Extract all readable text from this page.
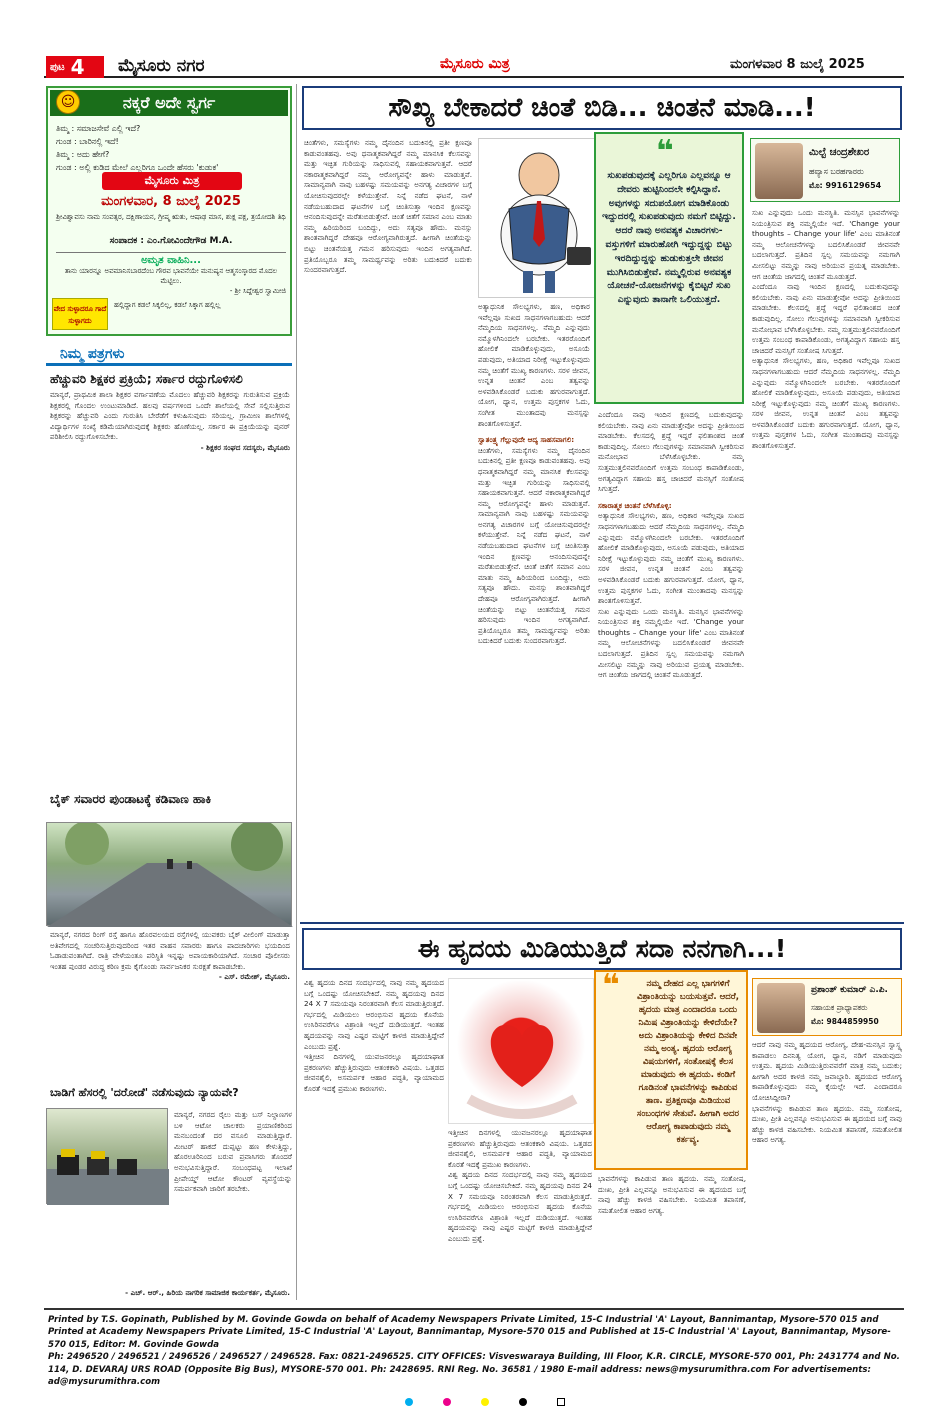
ಪುಟ 4 ಮೈಸೂರು ನಗರ	ಮೈಸೂರು ಮಿತ್ರ	ಮಂಗಳವಾರ 8 ಜುಲೈ 2025
ನಕ್ಕರೆ ಅದೇ ಸ್ವರ್ಗ
☺
ತಿಮ್ಮ : ಸಮಾಜಸೇವೆ ಎಲ್ಲಿ ಇದೆ?
ಗುಂಡ : ಬಾರಿನಲ್ಲಿ ಇದೆ!
ತಿಮ್ಮ : ಅದು ಹೇಗೆ?
ಗುಂಡ : ಅಲ್ಲಿ ಕುಡಿದ ಮೇಲೆ ಎಲ್ಲರಿಗೂ ಒಂದೇ ಹೆಸರು 'ಕುಡುಕ'
ಮೈಸೂರು ಮಿತ್ರ
ಮಂಗಳವಾರ, 8 ಜುಲೈ 2025
ಶ್ರೀವಿಶ್ವಾವಸು ನಾಮ ಸಂವತ್ಸರ, ದಕ್ಷಿಣಾಯನ, ಗ್ರೀಷ್ಮ ಋತು, ಆಷಾಢ ಮಾಸ, ಶುಕ್ಲ ಪಕ್ಷ, ತ್ರಯೋದಶಿ ತಿಥಿ
ಸಂಪಾದಕ : ಎಂ.ಗೋವಿಂದೇಗೌಡ M.A.
ಅಮೃತ ವಾಹಿನಿ...
ತಾನು ಯಾರನ್ನೂ ಅವಮಾನಿಸಬಾರದೆಂಬ ಗೌರವ ಭಾವನೆಯೇ ಮನುಷ್ಯನ ಆತ್ಮಸಂಸ್ಕಾರದ ಮೊದಲ ಮೆಟ್ಟಿಲು.
- ಶ್ರೀ ಸಿದ್ದೇಶ್ವರ ಸ್ವಾಮೀಜಿ
ವೇದ ಸುಳ್ಳಾದರೂ ಗಾದೆ ಸುಳ್ಳಾಗದು
ಹಲ್ಲಿದ್ದಾಗ ಕಡಲೆ ಸಿಕ್ಕಲಿಲ್ಲ, ಕಡಲೆ ಸಿಕ್ಕಾಗ ಹಲ್ಲಿಲ್ಲ
ನಿಮ್ಮ ಪತ್ರಗಳು
ಹೆಚ್ಚುವರಿ ಶಿಕ್ಷಕರ ಪ್ರಕ್ರಿಯೆ; ಸರ್ಕಾರ ರದ್ದುಗೊಳಿಸಲಿ
ಮಾನ್ಯರೆ, ಪ್ರಾಥಮಿಕ ಶಾಲಾ ಶಿಕ್ಷಕರ ವರ್ಗಾವಣೆಯ ಮೊದಲು ಹೆಚ್ಚುವರಿ ಶಿಕ್ಷಕರನ್ನು ಗುರುತಿಸುವ ಪ್ರಕ್ರಿಯೆ ಶಿಕ್ಷಕರಲ್ಲಿ ಗೊಂದಲ ಉಂಟುಮಾಡಿದೆ. ಹಲವು ವರ್ಷಗಳಿಂದ ಒಂದೇ ಶಾಲೆಯಲ್ಲಿ ಸೇವೆ ಸಲ್ಲಿಸುತ್ತಿರುವ ಶಿಕ್ಷಕರನ್ನು ಹೆಚ್ಚುವರಿ ಎಂದು ಗುರುತಿಸಿ ಬೇರೆಡೆಗೆ ಕಳುಹಿಸುವುದು ಸರಿಯಲ್ಲ. ಗ್ರಾಮೀಣ ಶಾಲೆಗಳಲ್ಲಿ ವಿದ್ಯಾರ್ಥಿಗಳ ಸಂಖ್ಯೆ ಕಡಿಮೆಯಾಗಿರುವುದಕ್ಕೆ ಶಿಕ್ಷಕರು ಹೊಣೆಯಲ್ಲ. ಸರ್ಕಾರ ಈ ಪ್ರಕ್ರಿಯೆಯನ್ನು ಪುನರ್ ಪರಿಶೀಲಿಸಿ ರದ್ದುಗೊಳಿಸಬೇಕು.
- ಶಿಕ್ಷಕರ ಸಂಘದ ಸದಸ್ಯರು, ಮೈಸೂರು
ಬೈಕ್ ಸವಾರರ ಪುಂಡಾಟಕ್ಕೆ ಕಡಿವಾಣ ಹಾಕಿ
ಮಾನ್ಯರೆ, ನಗರದ ರಿಂಗ್ ರಸ್ತೆ ಹಾಗೂ ಹೊರವಲಯದ ರಸ್ತೆಗಳಲ್ಲಿ ಯುವಕರು ಬೈಕ್ ವೀಲಿಂಗ್ ಮಾಡುತ್ತಾ ಅತಿವೇಗದಲ್ಲಿ ಸಂಚರಿಸುತ್ತಿರುವುದರಿಂದ ಇತರ ವಾಹನ ಸವಾರರು ಹಾಗೂ ಪಾದಚಾರಿಗಳು ಭಯದಿಂದ ಓಡಾಡುವಂತಾಗಿದೆ. ರಾತ್ರಿ ವೇಳೆಯಂತೂ ಪರಿಸ್ಥಿತಿ ಇನ್ನಷ್ಟು ಅಪಾಯಕಾರಿಯಾಗಿದೆ. ಸಂಚಾರ ಪೊಲೀಸರು ಇಂತಹ ಪುಂಡರ ವಿರುದ್ಧ ಕಠಿಣ ಕ್ರಮ ಕೈಗೊಂಡು ಸಾರ್ವಜನಿಕರ ಸುರಕ್ಷತೆ ಕಾಪಾಡಬೇಕು.
- ಎಸ್. ರಮೇಶ್, ಮೈಸೂರು.
ಬಾಡಿಗೆ ಹೆಸರಲ್ಲಿ 'ದರೋಡೆ' ನಡೆಸುವುದು ನ್ಯಾಯವೇ?
ಮಾನ್ಯರೆ, ನಗರದ ರೈಲು ಮತ್ತು ಬಸ್ ನಿಲ್ದಾಣಗಳ ಬಳಿ ಆಟೋ ಚಾಲಕರು ಪ್ರಯಾಣಿಕರಿಂದ ಮನಬಂದಂತೆ ದರ ವಸೂಲಿ ಮಾಡುತ್ತಿದ್ದಾರೆ. ಮೀಟರ್ ಹಾಕದೆ ದುಪ್ಪಟ್ಟು ಹಣ ಕೇಳುತ್ತಿದ್ದು, ಹೊರಊರಿನಿಂದ ಬರುವ ಪ್ರವಾಸಿಗರು ತೊಂದರೆ ಅನುಭವಿಸುತ್ತಿದ್ದಾರೆ. ಸಂಬಂಧಪಟ್ಟ ಇಲಾಖೆ ಪ್ರೀಪೇಯ್ಡ್ ಆಟೋ ಕೌಂಟರ್ ವ್ಯವಸ್ಥೆಯನ್ನು ಸಮರ್ಪಕವಾಗಿ ಜಾರಿಗೆ ತರಬೇಕು.
- ಎಚ್. ಆರ್., ಹಿರಿಯ ನಾಗರಿಕ ಸಾಮಾಜಿಕ ಕಾರ್ಯಕರ್ತ, ಮೈಸೂರು.
ಸೌಖ್ಯ ಬೇಕಾದರೆ ಚಿಂತೆ ಬಿಡಿ... ಚಿಂತನೆ ಮಾಡಿ...!
ಚಿಂತೆಗಳು, ಸಮಸ್ಯೆಗಳು ನಮ್ಮ ದೈನಂದಿನ ಬದುಕಿನಲ್ಲಿ ಪ್ರತೀ ಕ್ಷಣವೂ ಕಾಡುವಂತಹವು. ಅವು ಧನಾತ್ಮಕವಾಗಿದ್ದರೆ ನಮ್ಮ ಮಾನಸಿಕ ಕೆಲಸವನ್ನು ಮತ್ತು ಇಚ್ಛಿತ ಗುರಿಯನ್ನು ಸಾಧಿಸುವಲ್ಲಿ ಸಹಾಯಕವಾಗುತ್ತವೆ. ಆದರೆ ನಕಾರಾತ್ಮಕವಾಗಿದ್ದರೆ ನಮ್ಮ ಆರೋಗ್ಯವನ್ನೇ ಹಾಳು ಮಾಡುತ್ತವೆ. ಸಾಮಾನ್ಯವಾಗಿ ನಾವು ಬಹಳಷ್ಟು ಸಮಯವನ್ನು ಅನಗತ್ಯ ವಿಚಾರಗಳ ಬಗ್ಗೆ ಯೋಚಿಸುವುದರಲ್ಲೇ ಕಳೆಯುತ್ತೇವೆ. ನಿನ್ನೆ ನಡೆದ ಘಟನೆ, ನಾಳೆ ನಡೆಯಬಹುದಾದ ಘಟನೆಗಳ ಬಗ್ಗೆ ಚಿಂತಿಸುತ್ತಾ ಇಂದಿನ ಕ್ಷಣವನ್ನು ಆನಂದಿಸುವುದನ್ನೇ ಮರೆತುಬಿಡುತ್ತೇವೆ. ಚಿಂತೆ ಚಿತೆಗೆ ಸಮಾನ ಎಂಬ ಮಾತು ನಮ್ಮ ಹಿರಿಯರಿಂದ ಬಂದಿದ್ದು, ಅದು ಸತ್ಯವೂ ಹೌದು. ಮನಸ್ಸು ಶಾಂತವಾಗಿದ್ದರೆ ದೇಹವೂ ಆರೋಗ್ಯವಾಗಿರುತ್ತದೆ. ಹೀಗಾಗಿ ಚಿಂತೆಯನ್ನು ಬಿಟ್ಟು ಚಿಂತನೆಯತ್ತ ಗಮನ ಹರಿಸುವುದು ಇಂದಿನ ಅಗತ್ಯವಾಗಿದೆ. ಪ್ರತಿಯೊಬ್ಬರೂ ತಮ್ಮ ಸಾಮರ್ಥ್ಯವನ್ನು ಅರಿತು ಬದುಕಿದರೆ ಬದುಕು ಸುಂದರವಾಗುತ್ತದೆ.
ಅತ್ಯಾಧುನಿಕ ಸೌಲಭ್ಯಗಳು, ಹಣ, ಅಧಿಕಾರ ಇವೆಲ್ಲವೂ ಸುಖದ ಸಾಧನಗಳಾಗಬಹುದು ಆದರೆ ನೆಮ್ಮದಿಯ ಸಾಧನಗಳಲ್ಲ. ನೆಮ್ಮದಿ ಎನ್ನುವುದು ನಮ್ಮೊಳಗಿನಿಂದಲೇ ಬರಬೇಕು. ಇತರರೊಂದಿಗೆ ಹೋಲಿಕೆ ಮಾಡಿಕೊಳ್ಳುವುದು, ಅಸೂಯೆ ಪಡುವುದು, ಅತಿಯಾದ ನಿರೀಕ್ಷೆ ಇಟ್ಟುಕೊಳ್ಳುವುದು ನಮ್ಮ ಚಿಂತೆಗೆ ಮುಖ್ಯ ಕಾರಣಗಳು. ಸರಳ ಜೀವನ, ಉನ್ನತ ಚಿಂತನೆ ಎಂಬ ತತ್ವವನ್ನು ಅಳವಡಿಸಿಕೊಂಡರೆ ಬದುಕು ಹಗುರವಾಗುತ್ತದೆ. ಯೋಗ, ಧ್ಯಾನ, ಉತ್ತಮ ಪುಸ್ತಕಗಳ ಓದು, ಸಂಗೀತ ಮುಂತಾದವು ಮನಸ್ಸನ್ನು ಶಾಂತಗೊಳಿಸುತ್ತವೆ.
ಸ್ವಾತಂತ್ರ್ಯ ಗೆಲ್ಲುವುದೇ ಆದ್ಯ ಸಾಹಸವಾಗಲಿ:
ಚಿಂತೆಗಳು, ಸಮಸ್ಯೆಗಳು ನಮ್ಮ ದೈನಂದಿನ ಬದುಕಿನಲ್ಲಿ ಪ್ರತೀ ಕ್ಷಣವೂ ಕಾಡುವಂತಹವು. ಅವು ಧನಾತ್ಮಕವಾಗಿದ್ದರೆ ನಮ್ಮ ಮಾನಸಿಕ ಕೆಲಸವನ್ನು ಮತ್ತು ಇಚ್ಛಿತ ಗುರಿಯನ್ನು ಸಾಧಿಸುವಲ್ಲಿ ಸಹಾಯಕವಾಗುತ್ತವೆ. ಆದರೆ ನಕಾರಾತ್ಮಕವಾಗಿದ್ದರೆ ನಮ್ಮ ಆರೋಗ್ಯವನ್ನೇ ಹಾಳು ಮಾಡುತ್ತವೆ. ಸಾಮಾನ್ಯವಾಗಿ ನಾವು ಬಹಳಷ್ಟು ಸಮಯವನ್ನು ಅನಗತ್ಯ ವಿಚಾರಗಳ ಬಗ್ಗೆ ಯೋಚಿಸುವುದರಲ್ಲೇ ಕಳೆಯುತ್ತೇವೆ. ನಿನ್ನೆ ನಡೆದ ಘಟನೆ, ನಾಳೆ ನಡೆಯಬಹುದಾದ ಘಟನೆಗಳ ಬಗ್ಗೆ ಚಿಂತಿಸುತ್ತಾ ಇಂದಿನ ಕ್ಷಣವನ್ನು ಆನಂದಿಸುವುದನ್ನೇ ಮರೆತುಬಿಡುತ್ತೇವೆ. ಚಿಂತೆ ಚಿತೆಗೆ ಸಮಾನ ಎಂಬ ಮಾತು ನಮ್ಮ ಹಿರಿಯರಿಂದ ಬಂದಿದ್ದು, ಅದು ಸತ್ಯವೂ ಹೌದು. ಮನಸ್ಸು ಶಾಂತವಾಗಿದ್ದರೆ ದೇಹವೂ ಆರೋಗ್ಯವಾಗಿರುತ್ತದೆ. ಹೀಗಾಗಿ ಚಿಂತೆಯನ್ನು ಬಿಟ್ಟು ಚಿಂತನೆಯತ್ತ ಗಮನ ಹರಿಸುವುದು ಇಂದಿನ ಅಗತ್ಯವಾಗಿದೆ. ಪ್ರತಿಯೊಬ್ಬರೂ ತಮ್ಮ ಸಾಮರ್ಥ್ಯವನ್ನು ಅರಿತು ಬದುಕಿದರೆ ಬದುಕು ಸುಂದರವಾಗುತ್ತದೆ.
❝
ಸುಖಪಡುವುದಕ್ಕೆ ಎಲ್ಲರಿಗೂ ಎಲ್ಲವನ್ನೂ ಆ ದೇವರು ಹುಟ್ಟಿನಿಂದಲೇ ಕಲ್ಪಿಸಿದ್ದಾನೆ. ಅವುಗಳನ್ನು ಸದುಪಯೋಗ ಮಾಡಿಕೊಂಡು ಇದ್ದುದರಲ್ಲಿ ಸುಖಪಡುವುದು ನಮಗೆ ಬಿಟ್ಟಿದ್ದು. ಆದರೆ ನಾವು ಅನವಶ್ಯಕ ವಿಚಾರಗಳು-ವಸ್ತುಗಳಿಗೆ ಮಾರುಹೋಗಿ ಇದ್ದುದ್ದನ್ನು ಬಿಟ್ಟು ಇರದಿದ್ದುದ್ದನ್ನು ಹುಡುಕುತ್ತಲೇ ಜೀವನ ಮುಗಿಸಿಬಿಡುತ್ತೇವೆ. ನಮ್ಮಲ್ಲಿರುವ ಅನವಶ್ಯಕ ಯೋಚನೆ-ಯೋಜನೆಗಳನ್ನು ಕೈಬಿಟ್ಟರೆ ಸುಖ ಎನ್ನುವುದು ತಾನಾಗೇ ಒಲಿಯುತ್ತದೆ.
ಎಂದೆಂದೂ ನಾವು ಇಂದಿನ ಕ್ಷಣದಲ್ಲಿ ಬದುಕುವುದನ್ನು ಕಲಿಯಬೇಕು. ನಾವು ಏನು ಮಾಡುತ್ತೇವೋ ಅದನ್ನು ಪ್ರೀತಿಯಿಂದ ಮಾಡಬೇಕು. ಕೆಲಸದಲ್ಲಿ ಶ್ರದ್ಧೆ ಇದ್ದರೆ ಫಲಿತಾಂಶದ ಚಿಂತೆ ಕಾಡುವುದಿಲ್ಲ. ಸೋಲು ಗೆಲುವುಗಳನ್ನು ಸಮಾನವಾಗಿ ಸ್ವೀಕರಿಸುವ ಮನೋಭಾವ ಬೆಳೆಸಿಕೊಳ್ಳಬೇಕು. ನಮ್ಮ ಸುತ್ತಮುತ್ತಲಿನವರೊಂದಿಗೆ ಉತ್ತಮ ಸಂಬಂಧ ಕಾಪಾಡಿಕೊಂಡು, ಅಗತ್ಯವಿದ್ದಾಗ ಸಹಾಯ ಹಸ್ತ ಚಾಚಿದರೆ ಮನಸ್ಸಿಗೆ ಸಂತೋಷ ಸಿಗುತ್ತದೆ.
ಸಕಾರಾತ್ಮಕ ಚಿಂತನೆ ಬೆಳೆಸಿಕೊಳ್ಳಿ:
ಅತ್ಯಾಧುನಿಕ ಸೌಲಭ್ಯಗಳು, ಹಣ, ಅಧಿಕಾರ ಇವೆಲ್ಲವೂ ಸುಖದ ಸಾಧನಗಳಾಗಬಹುದು ಆದರೆ ನೆಮ್ಮದಿಯ ಸಾಧನಗಳಲ್ಲ. ನೆಮ್ಮದಿ ಎನ್ನುವುದು ನಮ್ಮೊಳಗಿನಿಂದಲೇ ಬರಬೇಕು. ಇತರರೊಂದಿಗೆ ಹೋಲಿಕೆ ಮಾಡಿಕೊಳ್ಳುವುದು, ಅಸೂಯೆ ಪಡುವುದು, ಅತಿಯಾದ ನಿರೀಕ್ಷೆ ಇಟ್ಟುಕೊಳ್ಳುವುದು ನಮ್ಮ ಚಿಂತೆಗೆ ಮುಖ್ಯ ಕಾರಣಗಳು. ಸರಳ ಜೀವನ, ಉನ್ನತ ಚಿಂತನೆ ಎಂಬ ತತ್ವವನ್ನು ಅಳವಡಿಸಿಕೊಂಡರೆ ಬದುಕು ಹಗುರವಾಗುತ್ತದೆ. ಯೋಗ, ಧ್ಯಾನ, ಉತ್ತಮ ಪುಸ್ತಕಗಳ ಓದು, ಸಂಗೀತ ಮುಂತಾದವು ಮನಸ್ಸನ್ನು ಶಾಂತಗೊಳಿಸುತ್ತವೆ.
ಸುಖ ಎನ್ನುವುದು ಒಂದು ಮನಸ್ಥಿತಿ. ಮನಸ್ಸಿನ ಭಾವನೆಗಳನ್ನು ನಿಯಂತ್ರಿಸುವ ಶಕ್ತಿ ನಮ್ಮಲ್ಲಿಯೇ ಇದೆ. 'Change your thoughts – Change your life' ಎಂಬ ಮಾತಿನಂತೆ ನಮ್ಮ ಆಲೋಚನೆಗಳನ್ನು ಬದಲಿಸಿಕೊಂಡರೆ ಜೀವನವೇ ಬದಲಾಗುತ್ತದೆ. ಪ್ರತಿದಿನ ಸ್ವಲ್ಪ ಸಮಯವನ್ನು ನಮಗಾಗಿ ಮೀಸಲಿಟ್ಟು ನಮ್ಮನ್ನು ನಾವು ಅರಿಯುವ ಪ್ರಯತ್ನ ಮಾಡಬೇಕು. ಆಗ ಚಿಂತೆಯ ಜಾಗದಲ್ಲಿ ಚಿಂತನೆ ಮೂಡುತ್ತದೆ.
ಮಿಲ್ಟೆ ಚಂದ್ರಶೇಖರ
ಹವ್ಯಾಸ ಬರಹಗಾರರು
ಮೊ: 9916129654
ಸುಖ ಎನ್ನುವುದು ಒಂದು ಮನಸ್ಥಿತಿ. ಮನಸ್ಸಿನ ಭಾವನೆಗಳನ್ನು ನಿಯಂತ್ರಿಸುವ ಶಕ್ತಿ ನಮ್ಮಲ್ಲಿಯೇ ಇದೆ. 'Change your thoughts – Change your life' ಎಂಬ ಮಾತಿನಂತೆ ನಮ್ಮ ಆಲೋಚನೆಗಳನ್ನು ಬದಲಿಸಿಕೊಂಡರೆ ಜೀವನವೇ ಬದಲಾಗುತ್ತದೆ. ಪ್ರತಿದಿನ ಸ್ವಲ್ಪ ಸಮಯವನ್ನು ನಮಗಾಗಿ ಮೀಸಲಿಟ್ಟು ನಮ್ಮನ್ನು ನಾವು ಅರಿಯುವ ಪ್ರಯತ್ನ ಮಾಡಬೇಕು. ಆಗ ಚಿಂತೆಯ ಜಾಗದಲ್ಲಿ ಚಿಂತನೆ ಮೂಡುತ್ತದೆ.
ಎಂದೆಂದೂ ನಾವು ಇಂದಿನ ಕ್ಷಣದಲ್ಲಿ ಬದುಕುವುದನ್ನು ಕಲಿಯಬೇಕು. ನಾವು ಏನು ಮಾಡುತ್ತೇವೋ ಅದನ್ನು ಪ್ರೀತಿಯಿಂದ ಮಾಡಬೇಕು. ಕೆಲಸದಲ್ಲಿ ಶ್ರದ್ಧೆ ಇದ್ದರೆ ಫಲಿತಾಂಶದ ಚಿಂತೆ ಕಾಡುವುದಿಲ್ಲ. ಸೋಲು ಗೆಲುವುಗಳನ್ನು ಸಮಾನವಾಗಿ ಸ್ವೀಕರಿಸುವ ಮನೋಭಾವ ಬೆಳೆಸಿಕೊಳ್ಳಬೇಕು. ನಮ್ಮ ಸುತ್ತಮುತ್ತಲಿನವರೊಂದಿಗೆ ಉತ್ತಮ ಸಂಬಂಧ ಕಾಪಾಡಿಕೊಂಡು, ಅಗತ್ಯವಿದ್ದಾಗ ಸಹಾಯ ಹಸ್ತ ಚಾಚಿದರೆ ಮನಸ್ಸಿಗೆ ಸಂತೋಷ ಸಿಗುತ್ತದೆ.
ಅತ್ಯಾಧುನಿಕ ಸೌಲಭ್ಯಗಳು, ಹಣ, ಅಧಿಕಾರ ಇವೆಲ್ಲವೂ ಸುಖದ ಸಾಧನಗಳಾಗಬಹುದು ಆದರೆ ನೆಮ್ಮದಿಯ ಸಾಧನಗಳಲ್ಲ. ನೆಮ್ಮದಿ ಎನ್ನುವುದು ನಮ್ಮೊಳಗಿನಿಂದಲೇ ಬರಬೇಕು. ಇತರರೊಂದಿಗೆ ಹೋಲಿಕೆ ಮಾಡಿಕೊಳ್ಳುವುದು, ಅಸೂಯೆ ಪಡುವುದು, ಅತಿಯಾದ ನಿರೀಕ್ಷೆ ಇಟ್ಟುಕೊಳ್ಳುವುದು ನಮ್ಮ ಚಿಂತೆಗೆ ಮುಖ್ಯ ಕಾರಣಗಳು. ಸರಳ ಜೀವನ, ಉನ್ನತ ಚಿಂತನೆ ಎಂಬ ತತ್ವವನ್ನು ಅಳವಡಿಸಿಕೊಂಡರೆ ಬದುಕು ಹಗುರವಾಗುತ್ತದೆ. ಯೋಗ, ಧ್ಯಾನ, ಉತ್ತಮ ಪುಸ್ತಕಗಳ ಓದು, ಸಂಗೀತ ಮುಂತಾದವು ಮನಸ್ಸನ್ನು ಶಾಂತಗೊಳಿಸುತ್ತವೆ.
ಈ ಹೃದಯ ಮಿಡಿಯುತ್ತಿದೆ ಸದಾ ನನಗಾಗಿ...!
ವಿಶ್ವ ಹೃದಯ ದಿನದ ಸಂದರ್ಭದಲ್ಲಿ ನಾವು ನಮ್ಮ ಹೃದಯದ ಬಗ್ಗೆ ಒಂದಷ್ಟು ಯೋಚಿಸಬೇಕಿದೆ. ನಮ್ಮ ಹೃದಯವು ದಿನದ 24 X 7 ಸಮಯವೂ ನಿರಂತರವಾಗಿ ಕೆಲಸ ಮಾಡುತ್ತಿರುತ್ತದೆ. ಗರ್ಭದಲ್ಲಿ ಮಿಡಿಯಲು ಆರಂಭಿಸುವ ಹೃದಯ ಕೊನೆಯ ಉಸಿರಿನವರೆಗೂ ವಿಶ್ರಾಂತಿ ಇಲ್ಲದೆ ದುಡಿಯುತ್ತದೆ. ಇಂತಹ ಹೃದಯವನ್ನು ನಾವು ಎಷ್ಟರ ಮಟ್ಟಿಗೆ ಕಾಳಜಿ ಮಾಡುತ್ತಿದ್ದೇವೆ ಎಂಬುದು ಪ್ರಶ್ನೆ.
ಇತ್ತೀಚಿನ ದಿನಗಳಲ್ಲಿ ಯುವಜನರಲ್ಲೂ ಹೃದಯಾಘಾತ ಪ್ರಕರಣಗಳು ಹೆಚ್ಚುತ್ತಿರುವುದು ಆತಂಕಕಾರಿ ವಿಷಯ. ಒತ್ತಡದ ಜೀವನಶೈಲಿ, ಅಸಮರ್ಪಕ ಆಹಾರ ಪದ್ಧತಿ, ವ್ಯಾಯಾಮದ ಕೊರತೆ ಇದಕ್ಕೆ ಪ್ರಮುಖ ಕಾರಣಗಳು.
ಇತ್ತೀಚಿನ ದಿನಗಳಲ್ಲಿ ಯುವಜನರಲ್ಲೂ ಹೃದಯಾಘಾತ ಪ್ರಕರಣಗಳು ಹೆಚ್ಚುತ್ತಿರುವುದು ಆತಂಕಕಾರಿ ವಿಷಯ. ಒತ್ತಡದ ಜೀವನಶೈಲಿ, ಅಸಮರ್ಪಕ ಆಹಾರ ಪದ್ಧತಿ, ವ್ಯಾಯಾಮದ ಕೊರತೆ ಇದಕ್ಕೆ ಪ್ರಮುಖ ಕಾರಣಗಳು.
ವಿಶ್ವ ಹೃದಯ ದಿನದ ಸಂದರ್ಭದಲ್ಲಿ ನಾವು ನಮ್ಮ ಹೃದಯದ ಬಗ್ಗೆ ಒಂದಷ್ಟು ಯೋಚಿಸಬೇಕಿದೆ. ನಮ್ಮ ಹೃದಯವು ದಿನದ 24 X 7 ಸಮಯವೂ ನಿರಂತರವಾಗಿ ಕೆಲಸ ಮಾಡುತ್ತಿರುತ್ತದೆ. ಗರ್ಭದಲ್ಲಿ ಮಿಡಿಯಲು ಆರಂಭಿಸುವ ಹೃದಯ ಕೊನೆಯ ಉಸಿರಿನವರೆಗೂ ವಿಶ್ರಾಂತಿ ಇಲ್ಲದೆ ದುಡಿಯುತ್ತದೆ. ಇಂತಹ ಹೃದಯವನ್ನು ನಾವು ಎಷ್ಟರ ಮಟ್ಟಿಗೆ ಕಾಳಜಿ ಮಾಡುತ್ತಿದ್ದೇವೆ ಎಂಬುದು ಪ್ರಶ್ನೆ.
❝	ನಮ್ಮ ದೇಹದ ಎಲ್ಲ ಭಾಗಗಳಿಗೆ ವಿಶ್ರಾಂತಿಯನ್ನು ಬಯಸುತ್ತವೆ. ಆದರೆ, ಹೃದಯ ಮಾತ್ರ ಎಂದಾದರೂ ಒಂದು ನಿಮಿಷ ವಿಶ್ರಾಂತಿಯನ್ನು ಕೇಳಿದೆಯೇ? ಅದು ವಿಶ್ರಾಂತಿಯನ್ನು ಕೇಳಿದ ದಿನವೇ ನಮ್ಮ ಅಂತ್ಯ. ಹೃದಯ ಆರೋಗ್ಯ ವಿಷಯಗಳಿಗೆ, ಸಂತೋಷಕ್ಕೆ ಕೆಲಸ ಮಾಡುವುದು ಈ ಹೃದಯ. ಕಂಡಿಗೆ ಗೂಡಿನಂತೆ ಭಾವನೆಗಳನ್ನು ಕಾಪಿಡುವ ತಾಣ. ಪ್ರತಿಕ್ಷಣವೂ ಮಿಡಿಯುವ ಸಂಬಂಧಗಳ ಸೇತುವೆ. ಹೀಗಾಗಿ ಅದರ ಆರೋಗ್ಯ ಕಾಪಾಡುವುದು ನಮ್ಮ ಕರ್ತವ್ಯ.
ಭಾವನೆಗಳನ್ನು ಕಾಪಿಡುವ ತಾಣ ಹೃದಯ. ನಮ್ಮ ಸಂತೋಷ, ದುಃಖ, ಪ್ರೀತಿ ಎಲ್ಲವನ್ನೂ ಅನುಭವಿಸುವ ಈ ಹೃದಯದ ಬಗ್ಗೆ ನಾವು ಹೆಚ್ಚು ಕಾಳಜಿ ವಹಿಸಬೇಕು. ನಿಯಮಿತ ತಪಾಸಣೆ, ಸಮತೋಲಿತ ಆಹಾರ ಅಗತ್ಯ.
ಪ್ರಶಾಂತ್ ಕುಮಾರ್ ಎ.ಪಿ.
ಸಹಾಯಕ ಪ್ರಾಧ್ಯಾಪಕರು
ಮೊ: 9844859950
ಆದರೆ ನಾವು ನಮ್ಮ ಹೃದಯದ ಆರೋಗ್ಯ, ದೇಹ-ಮನಸ್ಸಿನ ಸ್ವಾಸ್ಥ್ಯ ಕಾಪಾಡಲು ದಿನನಿತ್ಯ ಯೋಗ, ಧ್ಯಾನ, ನಡಿಗೆ ಮಾಡುವುದು ಉತ್ತಮ. ಹೃದಯ ಮಿಡಿಯುತ್ತಿರುವವರೆಗೆ ಮಾತ್ರ ನಮ್ಮ ಬದುಕು; ಹೀಗಾಗಿ ಅದರ ಕಾಳಜಿ ನಮ್ಮ ಜವಾಬ್ದಾರಿ. ಹೃದಯದ ಆರೋಗ್ಯ ಕಾಪಾಡಿಕೊಳ್ಳುವುದು ನಮ್ಮ ಕೈಯಲ್ಲೇ ಇದೆ. ಎಂದಾದರೂ ಯೋಚಿಸಿದ್ದೀರಾ?
ಭಾವನೆಗಳನ್ನು ಕಾಪಿಡುವ ತಾಣ ಹೃದಯ. ನಮ್ಮ ಸಂತೋಷ, ದುಃಖ, ಪ್ರೀತಿ ಎಲ್ಲವನ್ನೂ ಅನುಭವಿಸುವ ಈ ಹೃದಯದ ಬಗ್ಗೆ ನಾವು ಹೆಚ್ಚು ಕಾಳಜಿ ವಹಿಸಬೇಕು. ನಿಯಮಿತ ತಪಾಸಣೆ, ಸಮತೋಲಿತ ಆಹಾರ ಅಗತ್ಯ.
Printed by T.S. Gopinath, Published by M. Govinde Gowda on behalf of Academy Newspapers Private Limited, 15-C Industrial 'A' Layout, Bannimantap, Mysore-570 015 and Printed at Academy Newspapers Private Limited, 15-C Industrial 'A' Layout, Bannimantap, Mysore-570 015 and Published at 15-C Industrial 'A' Layout, Bannimantap, Mysore-570 015, Editor: M. Govinde Gowda
Ph: 2496520 / 2496521 / 2496526 / 2496527 / 2496528. Fax: 0821-2496525. CITY OFFICES: Visveswaraya Building, III Floor, K.R. CIRCLE, MYSORE-570 001, Ph: 2431774 and No. 114, D. DEVARAJ URS ROAD (Opposite Big Bus), MYSORE-570 001. Ph: 2428695. RNI Reg. No. 36581 / 1980 E-mail address: news@mysurumithra.com For advertisements: ad@mysurumithra.com
